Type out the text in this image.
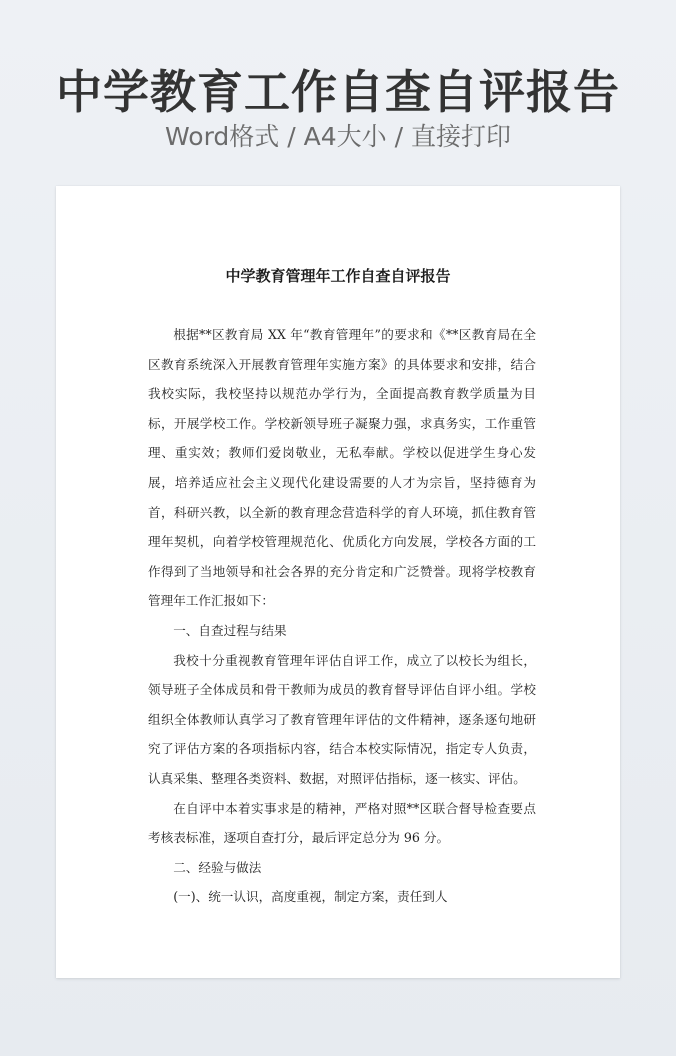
中学教育工作自查自评报告
Word格式 / A4大小 / 直接打印
中学教育管理年工作自查自评报告

根据**区教育局 XX 年“教育管理年”的要求和《**区教育局在全区教育系统深入开展教育管理年实施方案》的具体要求和安排，结合我校实际，我校坚持以规范办学行为，全面提高教育教学质量为目标，开展学校工作。学校新领导班子凝聚力强，求真务实，工作重管理、重实效；教师们爱岗敬业，无私奉献。学校以促进学生身心发展，培养适应社会主义现代化建设需要的人才为宗旨，坚持德育为首，科研兴教，以全新的教育理念营造科学的育人环境，抓住教育管理年契机，向着学校管理规范化、优质化方向发展，学校各方面的工作得到了当地领导和社会各界的充分肯定和广泛赞誉。现将学校教育管理年工作汇报如下：

一、自查过程与结果

我校十分重视教育管理年评估自评工作，成立了以校长为组长，领导班子全体成员和骨干教师为成员的教育督导评估自评小组。学校组织全体教师认真学习了教育管理年评估的文件精神，逐条逐句地研究了评估方案的各项指标内容，结合本校实际情况，指定专人负责，认真采集、整理各类资料、数据，对照评估指标，逐一核实、评估。

在自评中本着实事求是的精神，严格对照**区联合督导检查要点考核表标准，逐项自查打分，最后评定总分为 96 分。

二、经验与做法

(一)、统一认识，高度重视，制定方案，责任到人
